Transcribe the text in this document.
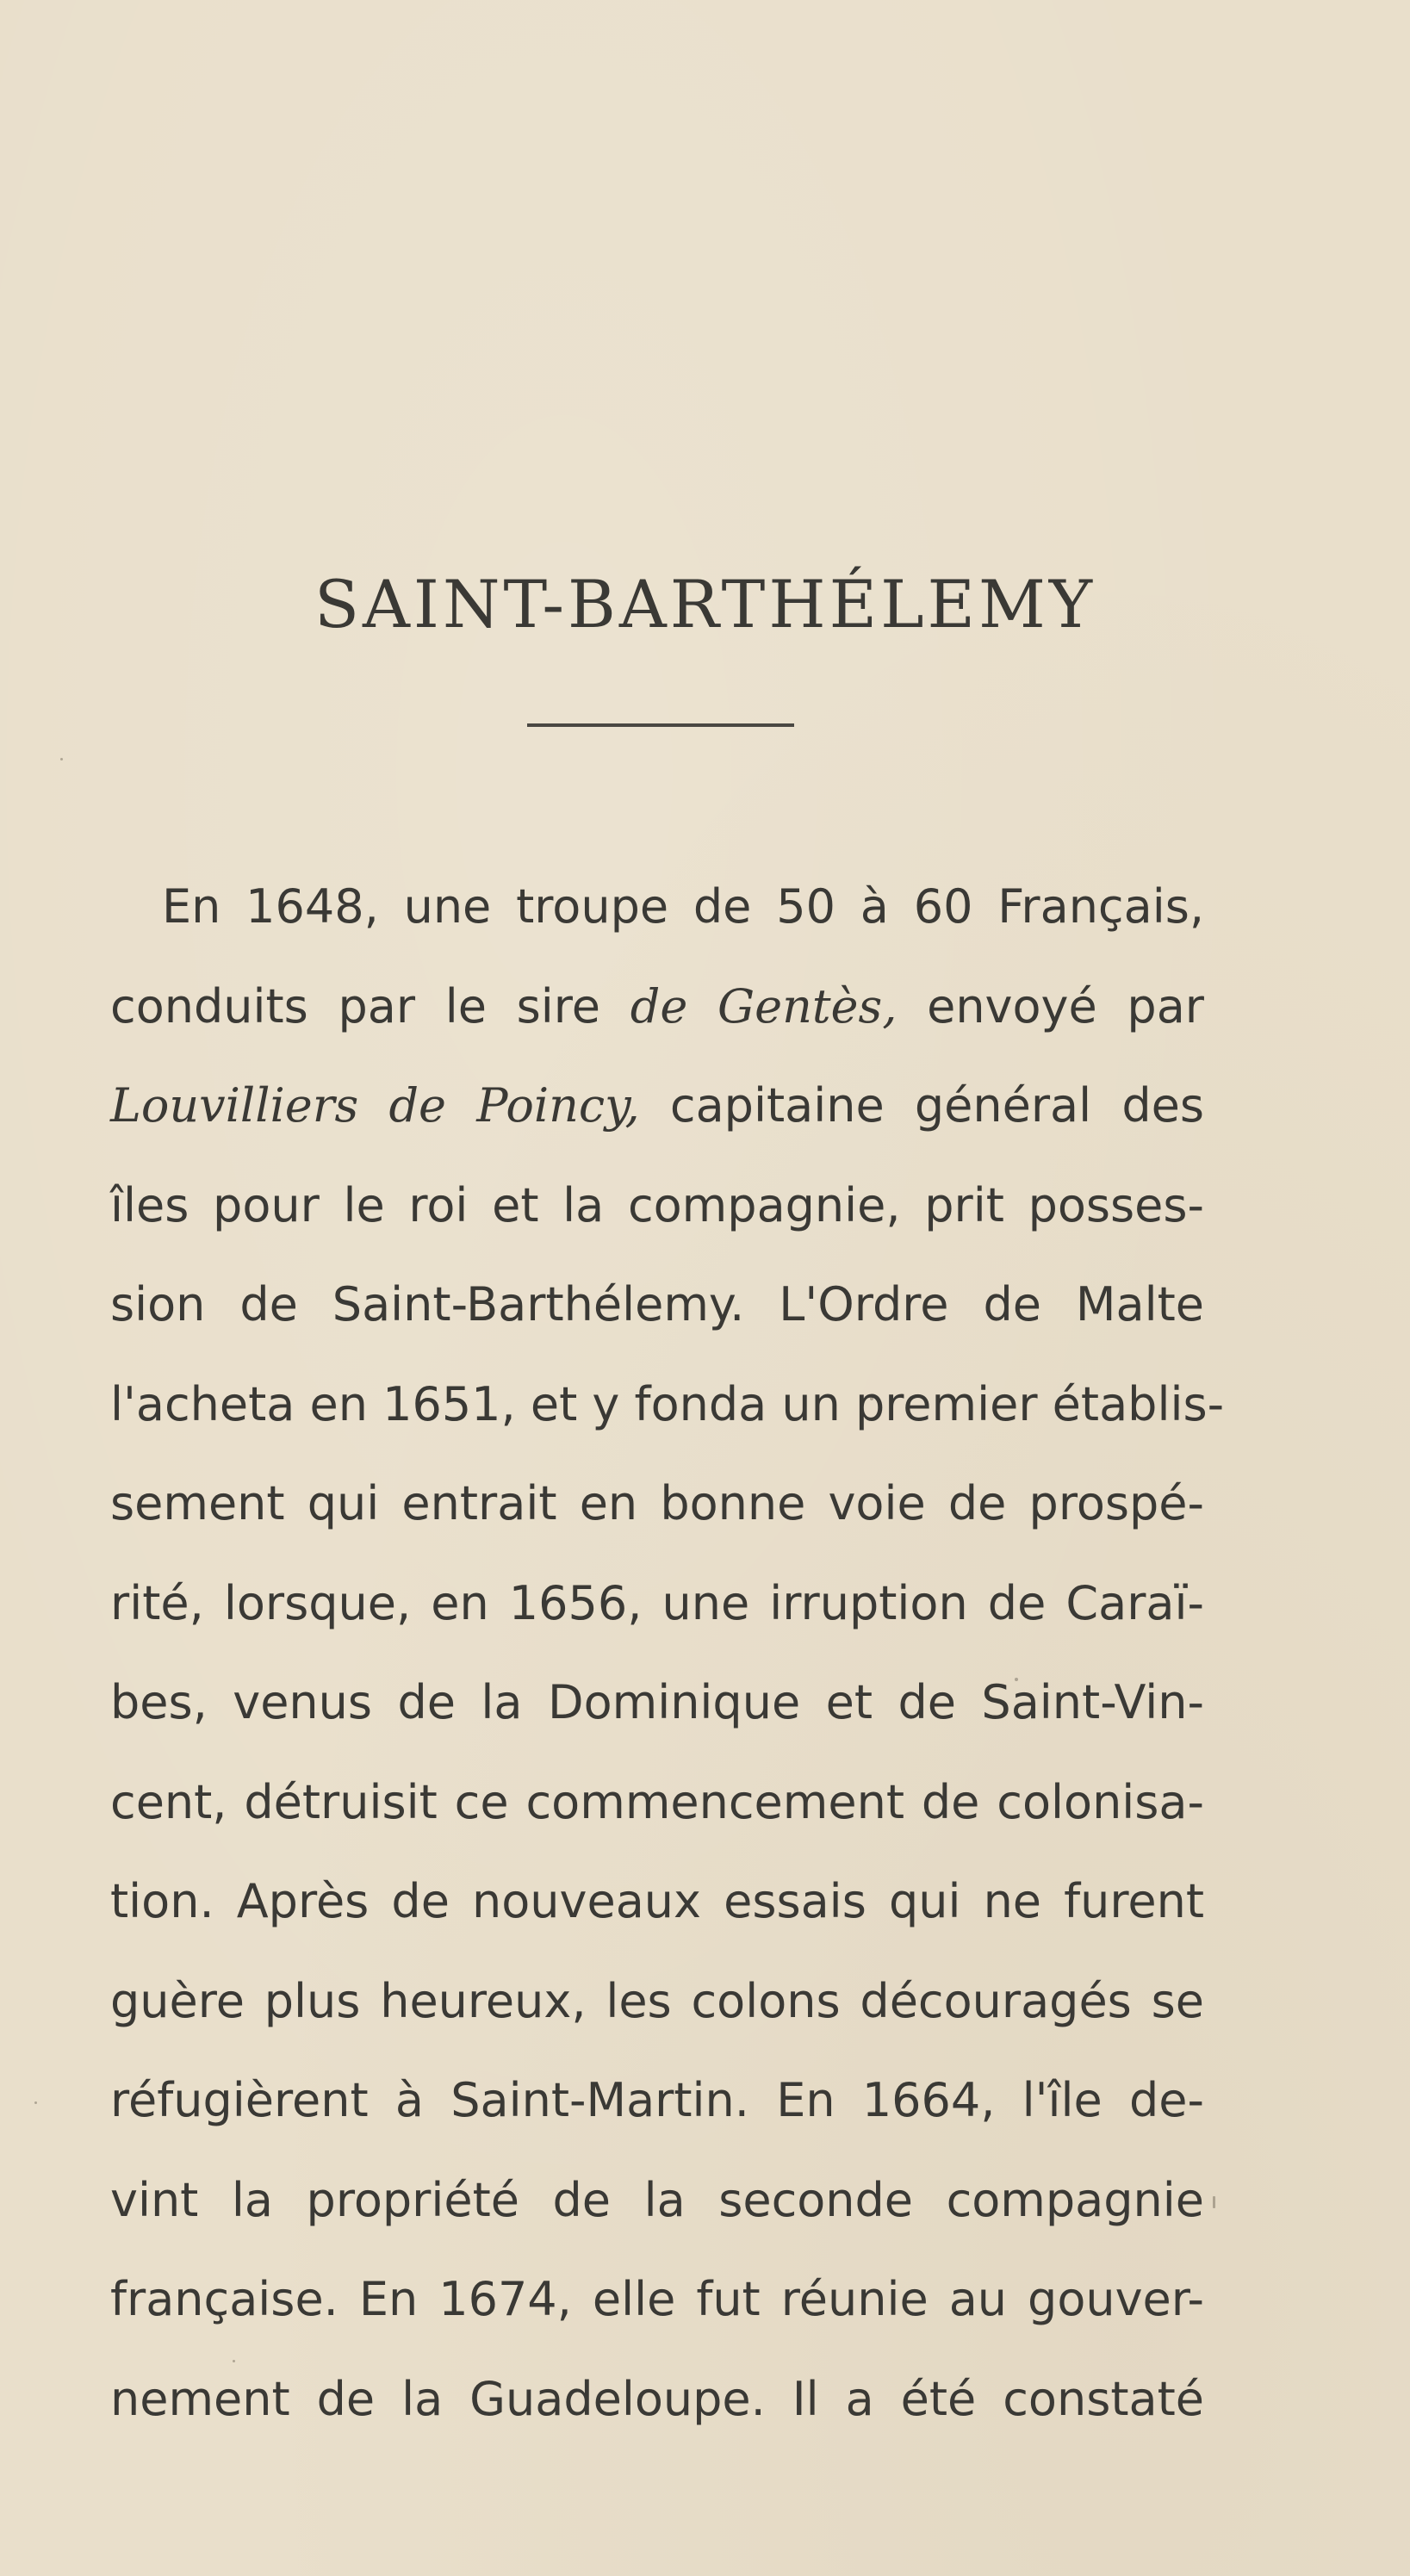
SAINT-BARTHÉLEMY
En 1648, une troupe de 50 à 60 Français,
conduits par le sire de Gentès, envoyé par
Louvilliers de Poincy, capitaine général des
îles pour le roi et la compagnie, prit posses-
sion de Saint-Barthélemy. L'Ordre de Malte
l'acheta en 1651, et y fonda un premier établis-
sement qui entrait en bonne voie de prospé-
rité, lorsque, en 1656, une irruption de Caraï-
bes, venus de la Dominique et de Saint-Vin-
cent, détruisit ce commencement de colonisa-
tion. Après de nouveaux essais qui ne furent
guère plus heureux, les colons découragés se
réfugièrent à Saint-Martin. En 1664, l'île de-
vint la propriété de la seconde compagnie
française. En 1674, elle fut réunie au gouver-
nement de la Guadeloupe. Il a été constaté
